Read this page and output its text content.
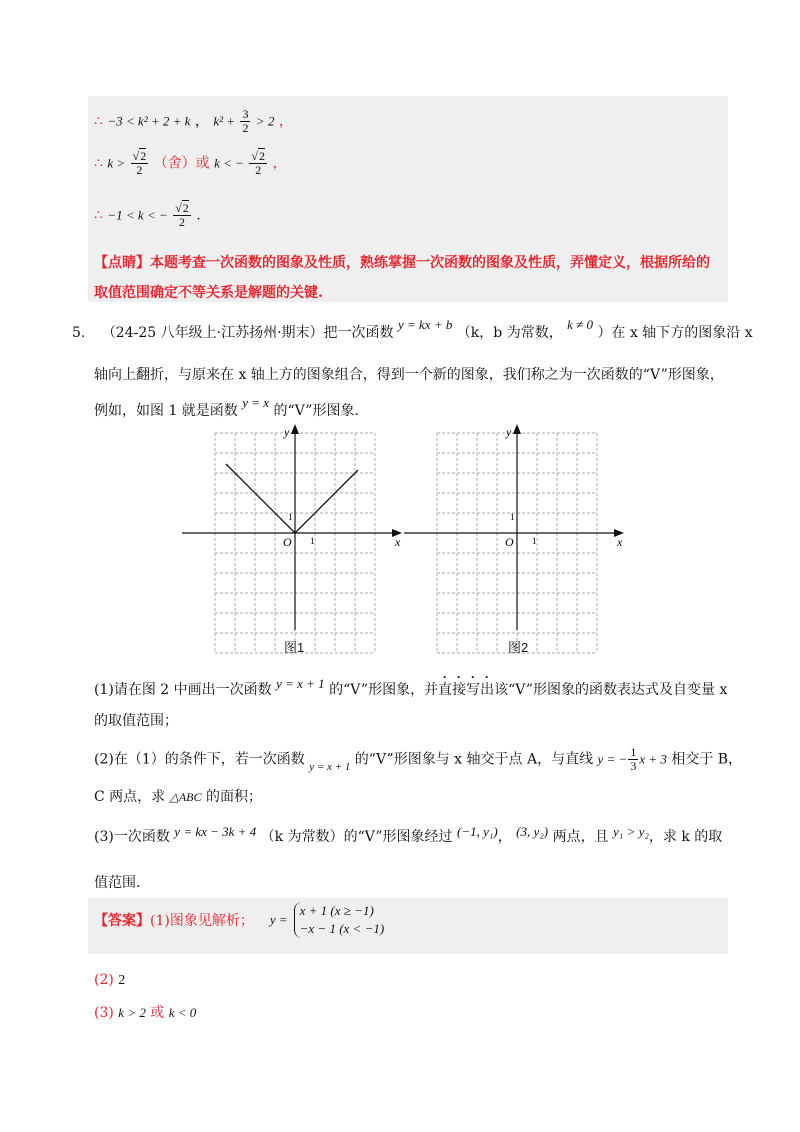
∴ −3 < k² + 2 + k ， $k^2 + \frac{3}{2} > 2$ ，
∴ $k > \frac{√2}{2}$ （舍）或 k < − $\frac{√2}{2}$ ，
∴ −1 < k < − $\frac{√2}{2}$ .
【点睛】本题考查一次函数的图象及性质，熟练掌握一次函数的图象及性质，弄懂定义，根据所给的
取值范围确定不等关系是解题的关键.
5. （24-25 八年级上·江苏扬州·期末）把一次函数 y = kx + b （k，b 为常数， k ≠ 0 ）在 x 轴下方的图象沿 x
轴向上翻折，与原来在 x 轴上方的图象组合，得到一个新的图象，我们称之为一次函数的“V”形图象，
例如，如图 1 就是函数 y = x 的“V”形图象.
O	x
y
1
1
图1
O	x
y
1
1
图2
(1)请在图 2 中画出一次函数 y = x + 1 的“V”形图象，并直接写出该“V”形图象的函数表达式及自变量 x
的取值范围；
(2)在（1）的条件下，若一次函数 $_{y = x + 1}$ 的“V”形图象与 x 轴交于点 A，与直线 y = − $\frac{1}{3}$ x + 3 相交于 B，
C 两点，求 △ABC 的面积；
(3)一次函数 y = kx − 3k + 4 （k 为常数）的“V”形图象经过 (−1, y₁)， (3, y₂) 两点，且 y₁ > y₂，求 k 的取
值范围.
【答案】 (1)图象见解析； y =
x + 1 (x ≥ −1)
−x − 1 (x < −1)
(2) 2
(3) k > 2 或 k < 0
